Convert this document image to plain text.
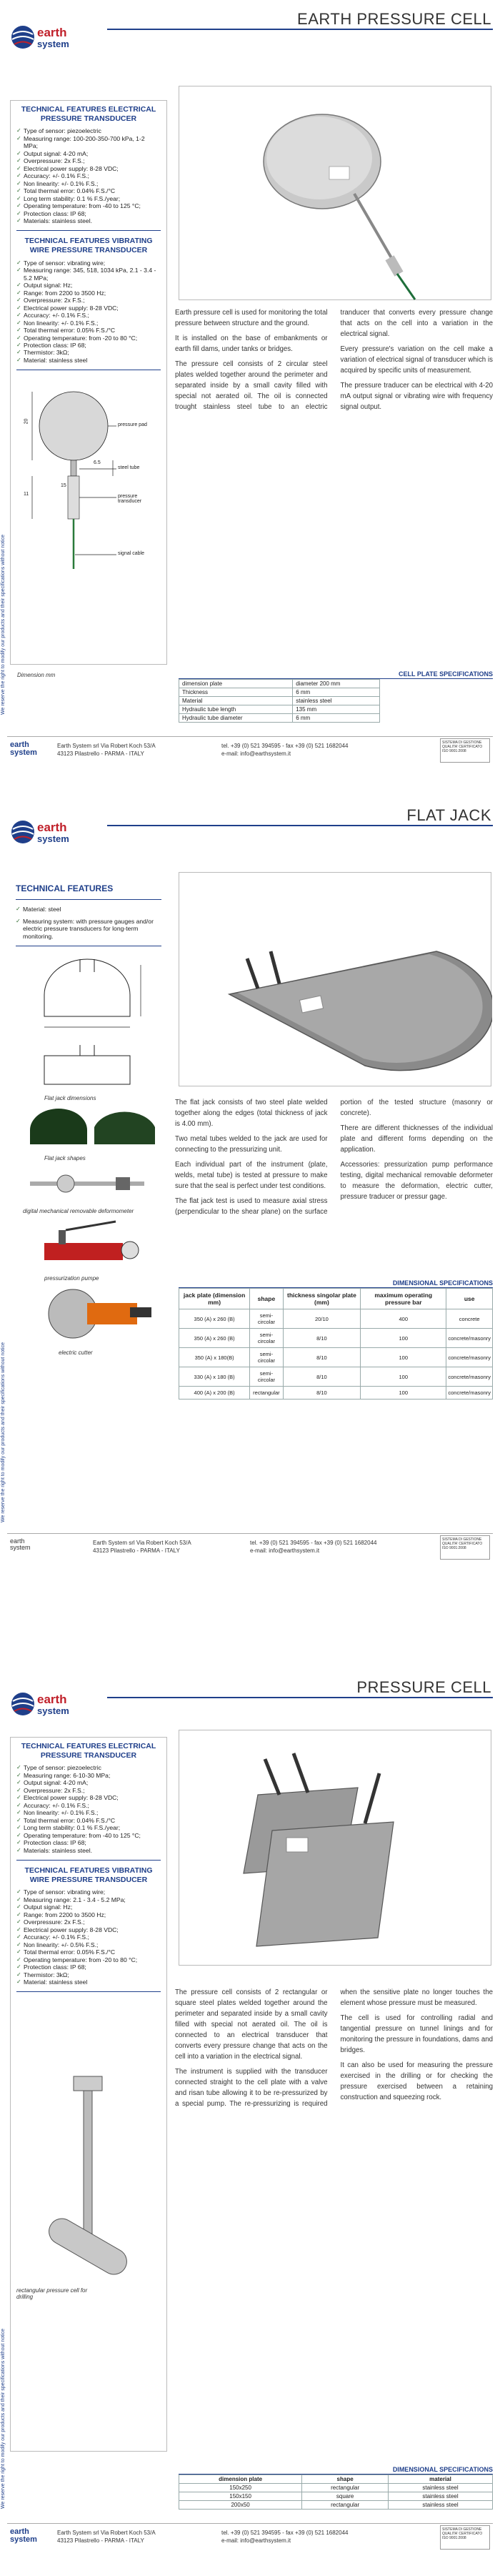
earth
system
EARTH PRESSURE CELL
We reserve the right to modify our products and their specifications without notice
TECHNICAL FEATURES ELECTRICAL PRESSURE TRANSDUCER
✓ Type of sensor: piezoelectric
✓ Measuring range: 100-200-350-700 kPa, 1-2 MPa;
✓ Output signal: 4-20 mA;
✓ Overpressure: 2x F.S.;
✓ Electrical power supply: 8-28 VDC;
✓ Accuracy: +/- 0.1% F.S.;
✓ Non linearity: +/- 0.1% F.S.;
✓ Total thermal error: 0.04% F.S./°C
✓ Long term stability: 0.1 % F.S./year;
✓ Operating temperature: from -40 to 125 °C;
✓ Protection class: IP 68;
✓ Materials: stainless steel.
TECHNICAL FEATURES VIBRATING WIRE PRESSURE TRANSDUCER
✓ Type of sensor: vibrating wire;
✓ Measuring range: 345, 518, 1034 kPa, 2.1 - 3.4 - 5.2 MPa;
✓ Output signal: Hz;
✓ Range: from 2200 to 3500 Hz;
✓ Overpressure: 2x F.S.;
✓ Electrical power supply: 8-28 VDC;
✓ Accuracy: +/- 0.1% F.S.;
✓ Non linearity: +/- 0.1% F.S.;
✓ Total thermal error: 0.05% F.S./°C
✓ Operating temperature: from -20 to 80 °C;
✓ Protection class: IP 68;
✓ Thermistor: 3kΩ;
✓ Material: stainless steel
20
11
6.5
15
pressure pad
steel tube
pressure transducer
signal cable
Dimension mm

Earth pressure cell is used for monitoring the total pressure between structure and the ground.

It is installed on the base of embankments or earth fill dams, under tanks or bridges.

The pressure cell consists of 2 circular steel plates welded together around the perimeter and separated inside by a small cavity filled with special not aerated oil. The oil is connected trought stainless steel tube to an electric tranducer that converts every pressure change that acts on the cell into a variation in the electrical signal.

Every pressure's variation on the cell make a variation of electrical signal of transducer which is acquired by specific units of measurement.

The pressure traducer can be electrical with 4-20 mA output signal or vibrating wire with frequency signal output.

CELL PLATE SPECIFICATIONS
dimension plate	diameter 200 mm
Thickness	6 mm
Material	stainless steel
Hydraulic tube length	135 mm
Hydraulic tube diameter	6 mm
earth
system
Earth System srl Via Robert Koch 53/A
43123 Pilastrello - PARMA - ITALY
tel. +39 (0) 521 394595 - fax +39 (0) 521 1682044
e-mail: info@earthsystem.it
SISTEMA DI GESTIONE QUALITA' CERTIFICATO ISO 9001:2008
earth
system
FLAT JACK
We reserve the right to modify our products and their specifications without notice
TECHNICAL FEATURES
✓ Material: steel
✓ Measuring system: with pressure gauges and/or electric pressure transducers for long-term monitoring.

Flat jack dimensions
Flat jack shapes
digital mechanical removable deformometer
pressurization pumpe
electric cutter

The flat jack consists of two steel plate welded together along the edges (total thickness of jack is 4.00 mm).

Two metal tubes welded to the jack are used for connecting to the pressurizing unit.

Each individual part of the instrument (plate, welds, metal tube) is tested at pressure to make sure that the seal is perfect under test conditions.

The flat jack test is used to measure axial stress (perpendicular to the shear plane) on the surface portion of the tested structure (masonry or concrete).

There are different thicknesses of the individual plate and different forms depending on the application.

Accessories: pressurization pump performance testing, digital mechanical removable deformeter to measure the deformation, electric cutter, pressure traducer or pressur gage.

DIMENSIONAL SPECIFICATIONS
jack plate (dimension mm)	shape	thickness singolar plate (mm)	maximum operating pressure bar	use
350 (A) x 260 (B)	semi-circolar	20/10	400	concrete
350 (A) x 260 (B)	semi-circolar	8/10	100	concrete/masonry
350 (A) x 180(B)	semi-circolar	8/10	100	concrete/masonry
330 (A) x 180 (B)	semi-circolar	8/10	100	concrete/masonry
400 (A) x 200 (B)	rectangular	8/10	100	concrete/masonry
earth
system
Earth System srl Via Robert Koch 53/A
43123 Pilastrello - PARMA - ITALY
tel. +39 (0) 521 394595 - fax +39 (0) 521 1682044
e-mail: info@earthsystem.it
SISTEMA DI GESTIONE QUALITA' CERTIFICATO ISO 9001:2008
earth
system
PRESSURE CELL
We reserve the right to modify our products and their specifications without notice
TECHNICAL FEATURES ELECTRICAL PRESSURE TRANSDUCER
✓ Type of sensor: piezoelectric
✓ Measuring range: 6-10-30 MPa;
✓ Output signal: 4-20 mA;
✓ Overpressure: 2x F.S.;
✓ Electrical power supply: 8-28 VDC;
✓ Accuracy: +/- 0.1% F.S.;
✓ Non linearity: +/- 0.1% F.S.;
✓ Total thermal error: 0.04% F.S./°C
✓ Long term stability: 0.1 % F.S./year;
✓ Operating temperature: from -40 to 125 °C;
✓ Protection class: IP 68;
✓ Materials: stainless steel.
TECHNICAL FEATURES VIBRATING WIRE PRESSURE TRANSDUCER
✓ Type of sensor: vibrating wire;
✓ Measuring range: 2.1 - 3.4 - 5.2 MPa;
✓ Output signal: Hz;
✓ Range: from 2200 to 3500 Hz;
✓ Overpressure: 2x F.S.;
✓ Electrical power supply: 8-28 VDC;
✓ Accuracy: +/- 0.1% F.S.;
✓ Non linearity: +/- 0.5% F.S.;
✓ Total thermal error: 0.05% F.S./°C
✓ Operating temperature: from -20 to 80 °C;
✓ Protection class: IP 68;
✓ Thermistor: 3kΩ;
✓ Material: stainless steel
rectangular pressure cell for drilling

The pressure cell consists of 2 rectangular or square steel plates welded together around the perimeter and separated inside by a small cavity filled with special not aerated oil. The oil is connected to an electrical transducer that converts every pressure change that acts on the cell into a variation in the electrical signal.

The instrument is supplied with the transducer connected straight to the cell plate with a valve and risan tube allowing it to be re-pressurized by a special pump. The re-pressurizing is required when the sensitive plate no longer touches the element whose pressure must be measured.

The cell is used for controlling radial and tangential pressure on tunnel linings and for monitoring the pressure in foundations, dams and bridges.

It can also be used for measuring the pressure exercised in the drilling or for checking the pressure exercised between a retaining construction and squeezing rock.

DIMENSIONAL SPECIFICATIONS
dimension plate	shape	material
150x250	rectangular	stainless steel
150x150	square	stainless steel
200x50	rectangular	stainless steel
earth
system
Earth System srl Via Robert Koch 53/A
43123 Pilastrello - PARMA - ITALY
tel. +39 (0) 521 394595 - fax +39 (0) 521 1682044
e-mail: info@earthsystem.it
SISTEMA DI GESTIONE QUALITA' CERTIFICATO ISO 9001:2008
